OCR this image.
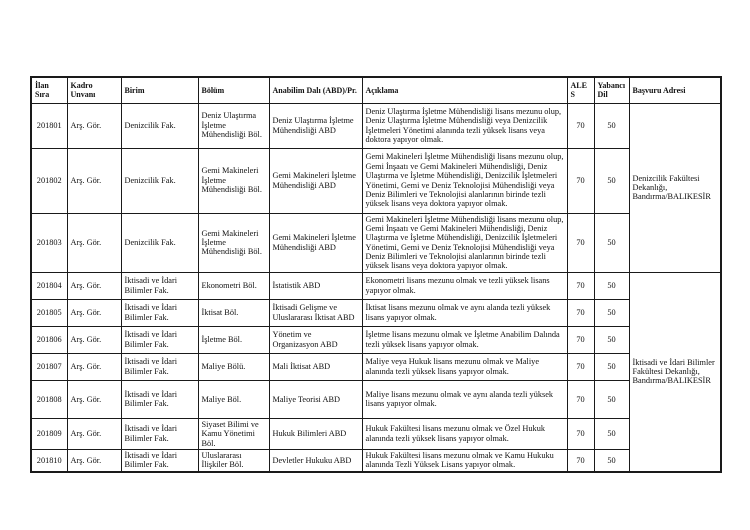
İlan Sıra	Kadro Unvanı	Birim	Bölüm	Anabilim Dalı (ABD)/Pr.	Açıklama	ALES	Yabancı Dil	Başvuru Adresi
201801	Arş. Gör.	Denizcilik Fak.	Deniz Ulaştırma İşletme Mühendisliği Böl.	Deniz Ulaştırma İşletme Mühendisliği ABD	Deniz Ulaştırma İşletme Mühendisliği lisans mezunu olup, Deniz Ulaştırma İşletme Mühendisliği veya Denizcilik İşletmeleri Yönetimi alanında tezli yüksek lisans veya doktora yapıyor olmak.	70	50	Denizcilik Fakültesi Dekanlığı, Bandırma/BALIKESİR
201802	Arş. Gör.	Denizcilik Fak.	Gemi Makineleri İşletme Mühendisliği Böl.	Gemi Makineleri İşletme Mühendisliği ABD	Gemi Makineleri İşletme Mühendisliği lisans mezunu olup, Gemi İnşaatı ve Gemi Makineleri Mühendisliği, Deniz Ulaştırma ve İşletme Mühendisliği, Denizcilik İşletmeleri Yönetimi, Gemi ve Deniz Teknolojisi Mühendisliği veya Deniz Bilimleri ve Teknolojisi alanlarının birinde tezli yüksek lisans veya doktora yapıyor olmak.	70	50	
201803	Arş. Gör.	Denizcilik Fak.	Gemi Makineleri İşletme Mühendisliği Böl.	Gemi Makineleri İşletme Mühendisliği ABD	Gemi Makineleri İşletme Mühendisliği lisans mezunu olup, Gemi İnşaatı ve Gemi Makineleri Mühendisliği, Deniz Ulaştırma ve İşletme Mühendisliği, Denizcilik İşletmeleri Yönetimi, Gemi ve Deniz Teknolojisi Mühendisliği veya Deniz Bilimleri ve Teknolojisi alanlarının birinde tezli yüksek lisans veya doktora yapıyor olmak.	70	50	
201804	Arş. Gör.	İktisadi ve İdari Bilimler Fak.	Ekonometri Böl.	İstatistik ABD	Ekonometri lisans mezunu olmak ve tezli yüksek lisans yapıyor olmak.	70	50	İktisadi ve İdari Bilimler Fakültesi Dekanlığı, Bandırma/BALIKESİR
201805	Arş. Gör.	İktisadi ve İdari Bilimler Fak.	İktisat Böl.	İktisadi Gelişme ve Uluslararası İktisat ABD	İktisat lisans mezunu olmak ve aynı alanda tezli yüksek lisans yapıyor olmak.	70	50	
201806	Arş. Gör.	İktisadi ve İdari Bilimler Fak.	İşletme Böl.	Yönetim ve Organizasyon ABD	İşletme lisans mezunu olmak ve İşletme Anabilim Dalında tezli yüksek lisans yapıyor olmak.	70	50	
201807	Arş. Gör.	İktisadi ve İdari Bilimler Fak.	Maliye Bölü.	Mali İktisat ABD	Maliye veya Hukuk lisans mezunu olmak ve Maliye alanında tezli yüksek lisans yapıyor olmak.	70	50	
201808	Arş. Gör.	İktisadi ve İdari Bilimler Fak.	Maliye Böl.	Maliye Teorisi ABD	Maliye lisans mezunu olmak ve aynı alanda tezli yüksek lisans yapıyor olmak.	70	50	
201809	Arş. Gör.	İktisadi ve İdari Bilimler Fak.	Siyaset Bilimi ve Kamu Yönetimi Böl.	Hukuk Bilimleri ABD	Hukuk Fakültesi lisans mezunu olmak ve Özel Hukuk alanında tezli yüksek lisans yapıyor olmak.	70	50	
201810	Arş. Gör.	İktisadi ve İdari Bilimler Fak.	Uluslararası İlişkiler Böl.	Devletler Hukuku ABD	Hukuk Fakültesi lisans mezunu olmak ve Kamu Hukuku alanında Tezli Yüksek Lisans yapıyor olmak.	70	50	
